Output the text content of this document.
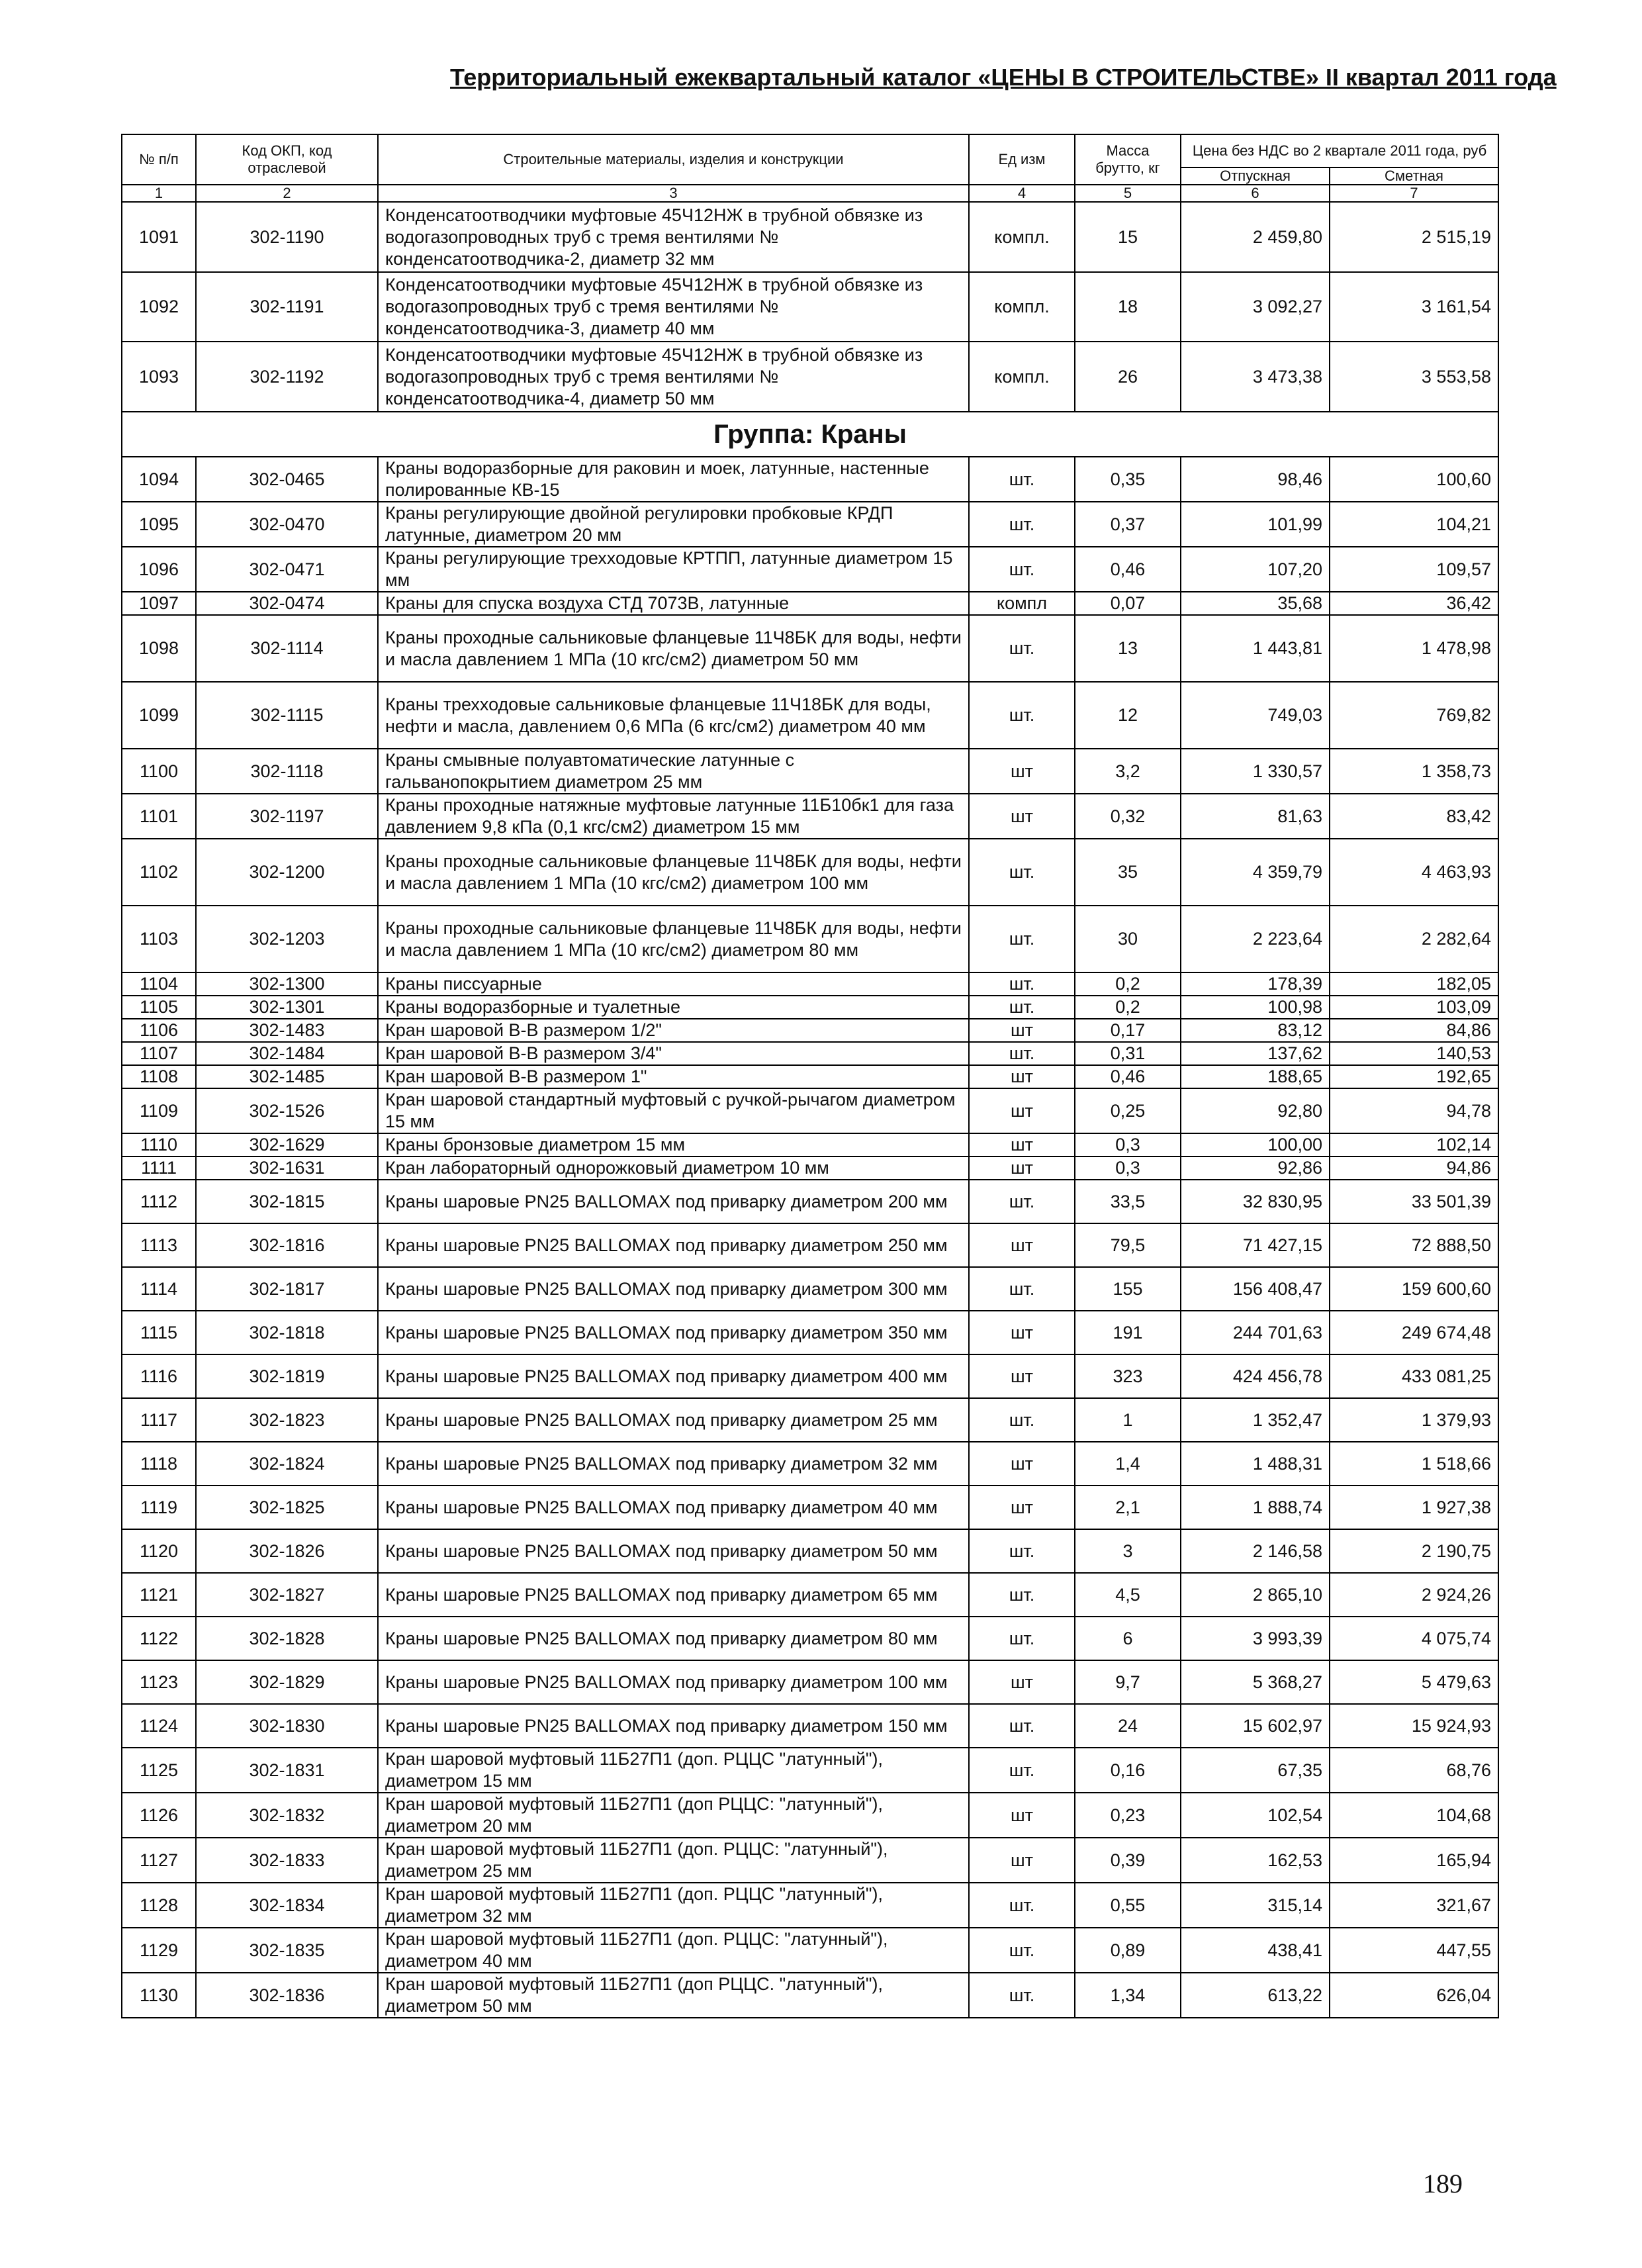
Территориальный ежеквартальный каталог «ЦЕНЫ В СТРОИТЕЛЬСТВЕ» II квартал 2011 года
№ п/п	Код ОКП, код отраслевой	Строительные материалы, изделия и конструкции	Ед изм	Масса брутто, кг	Цена без НДС во 2 квартале 2011 года, руб	
					Отпускная	Сметная
1	2	3	4	5	6	7
1091	302-1190	Конденсатоотводчики муфтовые 45Ч12НЖ в трубной обвязке из водогазопроводных труб с тремя вентилями № конденсатоотводчика-2, диаметр 32 мм	компл.	15	2 459,80	2 515,19
1092	302-1191	Конденсатоотводчики муфтовые 45Ч12НЖ в трубной обвязке из водогазопроводных труб с тремя вентилями № конденсатоотводчика-3, диаметр 40 мм	компл.	18	3 092,27	3 161,54
1093	302-1192	Конденсатоотводчики муфтовые 45Ч12НЖ в трубной обвязке из водогазопроводных труб с тремя вентилями № конденсатоотводчика-4, диаметр 50 мм	компл.	26	3 473,38	3 553,58
Группа: Краны						
1094	302-0465	Краны водоразборные для раковин и моек, латунные, настенные полированные КВ-15	шт.	0,35	98,46	100,60
1095	302-0470	Краны регулирующие двойной регулировки пробковые КРДП латунные, диаметром 20 мм	шт.	0,37	101,99	104,21
1096	302-0471	Краны регулирующие трехходовые КРТПП, латунные диаметром 15 мм	шт.	0,46	107,20	109,57
1097	302-0474	Краны для спуска воздуха СТД 7073В, латунные	компл	0,07	35,68	36,42
1098	302-1114	Краны проходные сальниковые фланцевые 11Ч8БК для воды, нефти и масла давлением 1 МПа (10 кгс/см2) диаметром 50 мм	шт.	13	1 443,81	1 478,98
1099	302-1115	Краны трехходовые сальниковые фланцевые 11Ч18БК для воды, нефти и масла, давлением 0,6 МПа (6 кгс/см2) диаметром 40 мм	шт.	12	749,03	769,82
1100	302-1118	Краны смывные полуавтоматические латунные с гальванопокрытием диаметром 25 мм	шт	3,2	1 330,57	1 358,73
1101	302-1197	Краны проходные натяжные муфтовые латунные 11Б10бк1 для газа давлением 9,8 кПа (0,1 кгс/см2) диаметром 15 мм	шт	0,32	81,63	83,42
1102	302-1200	Краны проходные сальниковые фланцевые 11Ч8БК для воды, нефти и масла давлением 1 МПа (10 кгс/см2) диаметром 100 мм	шт.	35	4 359,79	4 463,93
1103	302-1203	Краны проходные сальниковые фланцевые 11Ч8БК для воды, нефти и масла давлением 1 МПа (10 кгс/см2) диаметром 80 мм	шт.	30	2 223,64	2 282,64
1104	302-1300	Краны писсуарные	шт.	0,2	178,39	182,05
1105	302-1301	Краны водоразборные и туалетные	шт.	0,2	100,98	103,09
1106	302-1483	Кран шаровой В-В размером 1/2"	шт	0,17	83,12	84,86
1107	302-1484	Кран шаровой В-В размером 3/4"	шт.	0,31	137,62	140,53
1108	302-1485	Кран шаровой В-В размером 1"	шт	0,46	188,65	192,65
1109	302-1526	Кран шаровой стандартный муфтовый с ручкой-рычагом диаметром 15 мм	шт	0,25	92,80	94,78
1110	302-1629	Краны бронзовые диаметром 15 мм	шт	0,3	100,00	102,14
1111	302-1631	Кран лабораторный однорожковый диаметром 10 мм	шт	0,3	92,86	94,86
1112	302-1815	Краны шаровые PN25 BALLOMAX под приварку диаметром 200 мм	шт.	33,5	32 830,95	33 501,39
1113	302-1816	Краны шаровые PN25 BALLOMAX под приварку диаметром 250 мм	шт	79,5	71 427,15	72 888,50
1114	302-1817	Краны шаровые PN25 BALLOMAX под приварку диаметром 300 мм	шт.	155	156 408,47	159 600,60
1115	302-1818	Краны шаровые PN25 BALLOMAX под приварку диаметром 350 мм	шт	191	244 701,63	249 674,48
1116	302-1819	Краны шаровые PN25 BALLOMAX под приварку диаметром 400 мм	шт	323	424 456,78	433 081,25
1117	302-1823	Краны шаровые PN25 BALLOMAX под приварку диаметром 25 мм	шт.	1	1 352,47	1 379,93
1118	302-1824	Краны шаровые PN25 BALLOMAX под приварку диаметром 32 мм	шт	1,4	1 488,31	1 518,66
1119	302-1825	Краны шаровые PN25 BALLOMAX под приварку диаметром 40 мм	шт	2,1	1 888,74	1 927,38
1120	302-1826	Краны шаровые PN25 BALLOMAX под приварку диаметром 50 мм	шт.	3	2 146,58	2 190,75
1121	302-1827	Краны шаровые PN25 BALLOMAX под приварку диаметром 65 мм	шт.	4,5	2 865,10	2 924,26
1122	302-1828	Краны шаровые PN25 BALLOMAX под приварку диаметром 80 мм	шт.	6	3 993,39	4 075,74
1123	302-1829	Краны шаровые PN25 BALLOMAX под приварку диаметром 100 мм	шт	9,7	5 368,27	5 479,63
1124	302-1830	Краны шаровые PN25 BALLOMAX под приварку диаметром 150 мм	шт.	24	15 602,97	15 924,93
1125	302-1831	Кран шаровой муфтовый 11Б27П1 (доп. РЦЦС "латунный"), диаметром 15 мм	шт.	0,16	67,35	68,76
1126	302-1832	Кран шаровой муфтовый 11Б27П1 (доп РЦЦС: "латунный"), диаметром 20 мм	шт	0,23	102,54	104,68
1127	302-1833	Кран шаровой муфтовый 11Б27П1 (доп. РЦЦС: "латунный"), диаметром 25 мм	шт	0,39	162,53	165,94
1128	302-1834	Кран шаровой муфтовый 11Б27П1 (доп. РЦЦС "латунный"), диаметром 32 мм	шт.	0,55	315,14	321,67
1129	302-1835	Кран шаровой муфтовый 11Б27П1 (доп. РЦЦС: "латунный"), диаметром 40 мм	шт.	0,89	438,41	447,55
1130	302-1836	Кран шаровой муфтовый 11Б27П1 (доп РЦЦС. "латунный"), диаметром 50 мм	шт.	1,34	613,22	626,04
189
